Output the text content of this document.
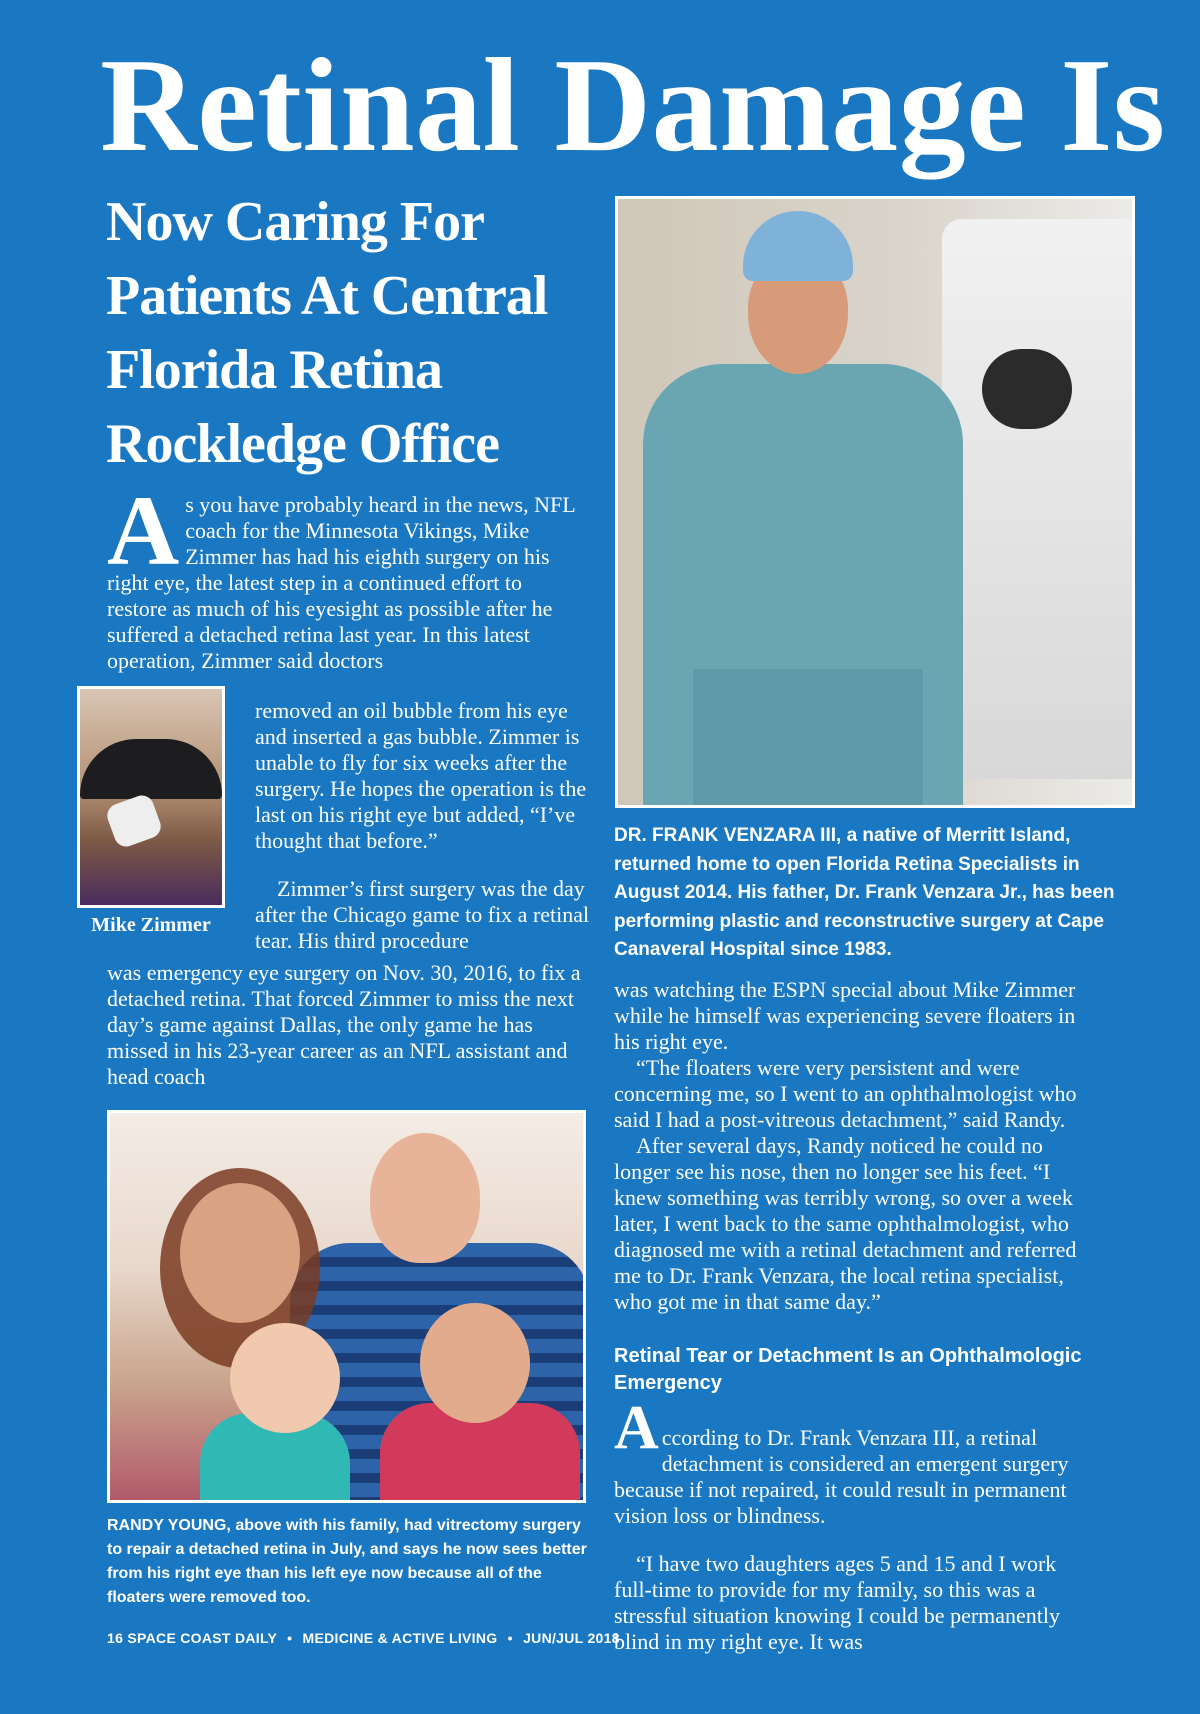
Retinal Damage Is
Now Caring For Patients At Central Florida Retina Rockledge Office
A s you have probably heard in the news, NFL coach for the Minnesota Vikings, Mike Zimmer has had his eighth surgery on his right eye, the latest step in a continued effort to restore as much of his eyesight as possible after he suffered a detached retina last year. In this latest operation, Zimmer said doctors

Mike Zimmer

removed an oil bubble from his eye and inserted a gas bubble. Zimmer is unable to fly for six weeks after the surgery. He hopes the operation is the last on his right eye but added, “I’ve thought that before.”

Zimmer’s first surgery was the day after the Chicago game to fix a retinal tear. His third procedure

was emergency eye surgery on Nov. 30, 2016, to fix a detached retina. That forced Zimmer to miss the next day’s game against Dallas, the only game he has missed in his 23-year career as an NFL assistant and head coach

RANDY YOUNG, above with his family, had vitrectomy surgery to repair a detached retina in July, and says he now sees better from his right eye than his left eye now because all of the floaters were removed too.
DR. FRANK VENZARA III, a native of Merritt Island, returned home to open Florida Retina Specialists in August 2014. His father, Dr. Frank Venzara Jr., has been performing plastic and reconstructive surgery at Cape Canaveral Hospital since 1983.

was watching the ESPN special about Mike Zimmer while he himself was experiencing severe floaters in his right eye.

“The floaters were very persistent and were concerning me, so I went to an ophthalmologist who said I had a post-vitreous detachment,” said Randy.

After several days, Randy noticed he could no longer see his nose, then no longer see his feet. “I knew something was terribly wrong, so over a week later, I went back to the same ophthalmologist, who diagnosed me with a retinal detachment and referred me to Dr. Frank Venzara, the local retina specialist, who got me in that same day.”

Retinal Tear or Detachment Is an Ophthalmologic Emergency
A ccording to Dr. Frank Venzara III, a retinal detachment is considered an emergent surgery because if not repaired, it could result in permanent vision loss or blindness.

“I have two daughters ages 5 and 15 and I work full-time to provide for my family, so this was a stressful situation knowing I could be permanently blind in my right eye. It was

16 SPACE COAST DAILY • MEDICINE & ACTIVE LIVING • JUN/JUL 2018
